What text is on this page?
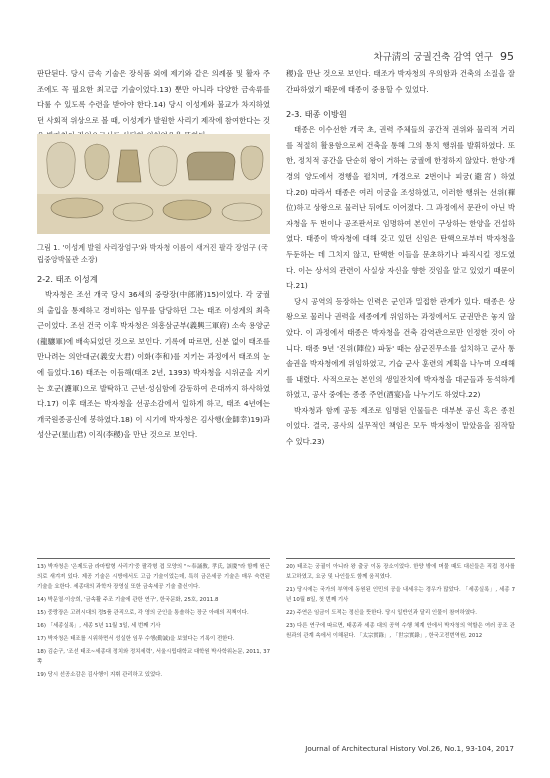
차규淸의 궁궐건축 감역 연구 95

판단된다. 당시 금속 기술은 장식품 외에 제기와 같은 의례품 및 활자 주조에도 꼭 필요한 최고급 기술이었다.13) 뿐만 아니라 다양한 금속류를 다룰 수 있도록 수련을 받아야 한다.14) 당시 이성계와 불교가 차지하였던 사회적 위상으로 볼 때, 이성계가 발원한 사리기 제작에 참여한다는 것

그림 1. '이성계 발원 사리장엄구'와 박자청 이름이 새겨진 팔각 장엄구 (국립중앙박물관 소장)

2-2. 태조 이성계

박자청은 조선 개국 당시 36세의 중랑장(中郎將)15)이었다. 각 궁궐의 출입을 통제하고 경비하는 임무를 담당하던 그는 태조 이성계의 최측근이었다. 조선 건국 이후 박자청은 의흥삼군부(義興三軍府) 소속 용양군(龍驤軍)에 배속되었던 것으로 보인다. 기록에 따르면, 신분 없이 태조를 만나려는 의안대군(義安大君) 이화(李和)를 지키는 과정에서 태조의 눈에 들었다.16) 태조는 이듬해(태조 2년, 1393) 박자청을 시위군을 지키는 호군(護軍)으로 발탁하고 근년·성심함에 감동하여 은대까지 하사하였다.17) 이후 태조는 박자청을 선공소감에서 일하게 하고, 태조 4년에는 개국원종공신에 봉하였다.18) 이 시기에 박자청은 김사행(金師幸)19)과 성산군(星山君) 이직(李稷)을 만난 것으로 보인다.

稷)을 만난 것으로 보인다. 태조가 박자청의 우의함과 건축의 소질을 잘 간파하였기 때문에 태종이 중용할 수 있었다.

2-3. 태종 이방원

태종은 이수선한 개국 초, 권력 주체들의 공간적 권위와 물리적 거리를 적절히 활용함으로써 건축을 통해 그의 통치 행위를 발휘하였다. 또한, 정치적 공간을 단순히 왕이 거하는 궁궐에 한정하지 않았다. 한양·개경의 양도에서 경행을 펼치며, 개경으로 2번이나 피궁(避宮) 하였다.20) 따라서 태종은 여러 이궁을 조성하였고, 이러한 행위는 선위(禪位)하고 상왕으로 물러난 뒤에도 이어졌다. 그 과정에서 문관이 아닌 박자청을 두 번이나 공조판서로 임명하여 본인이 구상하는 한양을 건설하였다. 태종이 박자청에 대해 갖고 있던 신임은 탄핵으로부터 박자청을 두둔하는 데 그치지 않고, 탄핵한 이들을 문초하기나 파직시킬 정도였다. 이는 상서의 관련이 사실상 자신을 향한 것임을 알고 있었기 때문이다.21)

당시 공역의 등장하는 인력은 군인과 밀접한 관계가 있다. 태종은 상왕으로 물러나 권력을 세종에게 위임하는 과정에서도 군권만은 놓지 않았다. 이 과정에서 태종은 박자청을 건축 감역관으로만 인정한 것이 아니다. 태종 9년 '진위(陣位) 파둥' 때는 삼군진무소를 설치하고 군사 통솔권을 박자청에게 위임하였고, 기습 군사 훈련의 계획을 나누며 오래해를 내렸다. 사적으로는 본인의 생일잔치에 박자청을 대군들과 동석하게 하였고, 공사 중에는 종종 주연(酒宴)을 나누기도 하였다.22)

박자청과 함께 공동 제조로 임명된 인물들은 대부분 공신 혹은 종친이었다. 결국, 공사의 실무적인 책임은 모두 박자청이 맡았음을 짐작할 수 있다.23)

13) 박자청은 '은제도금 라마탑형 사리기'중 팔각형 겹 모양의 "~奉誦敎, 孝氏, 該慶"라 함께 원근의로 새겨져 있다. 제공 기술은 시방에서도 고급 기술이었는데, 특히 금은세공 기술은 매우 숙련된 기술을 요한다. 세종대의 과학자 장영실 또한 금속세공 기술 출신이다.

14) 박문열·이승희, '금속활 주조 기술에 관한 연구', 한국문화, 25호, 2011.8

15) 중랑장은 고려시대의 정5품 관직으로, 각 영의 군인을 통솔하는 장군 아래의 직책이다.

16) 「세종실록」, 세종 5년 11월 3일, 세 번째 기사

17) 박자청은 태조를 시위하면서 성실한 임무 수행(勤誠)을 보였다는 기록이 전한다.

18) 김순구, '조선 태조~세종대 정치와 정치세력', 서울시립대학교 대학원 박사학위논문, 2011, 37쪽

19) 당시 선공소감은 김사행이 지휘 관리하고 있었다.

20) 태조는 궁궐이 아니라 왕 출궁 이동 장소이었다. 한양 밖에 머물 때도 대신들은 직접 정사를 보고하였고, 요궁 및 나인들도 함께 움직였다.

21) 당시에는 국가의 부역에 동원된 인민의 공을 내세우는 경우가 많았다. 「세종실록」, 세종 7년 10월 8일, 첫 번째 기사

22) 주연은 임금이 도적는 정신을 뜻한다. 당시 일반인과 달리 인물이 참여하였다.

23) 다른 연구에 따르면, 태종과 세종 대의 공역 수행 체계 안에서 박자청의 역할은 여러 공조 관원과의 관계 속에서 이해된다. 「太宗實錄」, 「世宗實錄」, 한국고전번역원, 2012

Journal of Architectural History Vol.26, No.1, 93-104, 2017
